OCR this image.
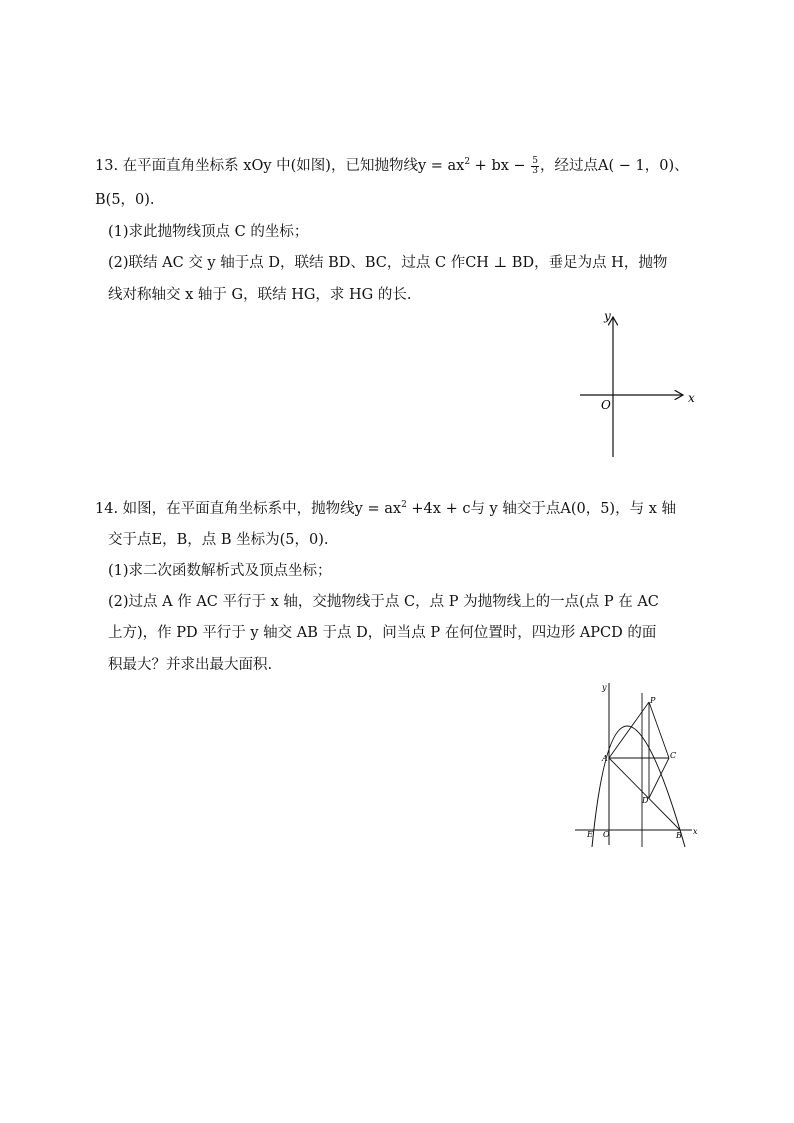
13. 在平面直角坐标系 xOy 中(如图)，已知抛物线$y = ax^2$ + bx − $\frac{5}{3}$ ，经过点A( − 1，0)、
B(5，0).
(1)求此抛物线顶点 C 的坐标；
(2)联结 AC 交 y 轴于点 D，联结 BD、BC，过点 C 作CH ⊥ BD，垂足为点 H，抛物
线对称轴交 x 轴于 G，联结 HG，求 HG 的长.
y
x
O
14. 如图，在平面直角坐标系中，抛物线$y = ax^2 +4x + c$与 y 轴交于点A(0，5)，与 x 轴
交于点E，B，点 B 坐标为(5，0).
(1)求二次函数解析式及顶点坐标；
(2)过点 A 作 AC 平行于 x 轴，交抛物线于点 C，点 P 为抛物线上的一点(点 P 在 AC
上方)，作 PD 平行于 y 轴交 AB 于点 D，问当点 P 在何位置时，四边形 APCD 的面
积最大？并求出最大面积.
y
x
O
A
B
C
D
E
P
